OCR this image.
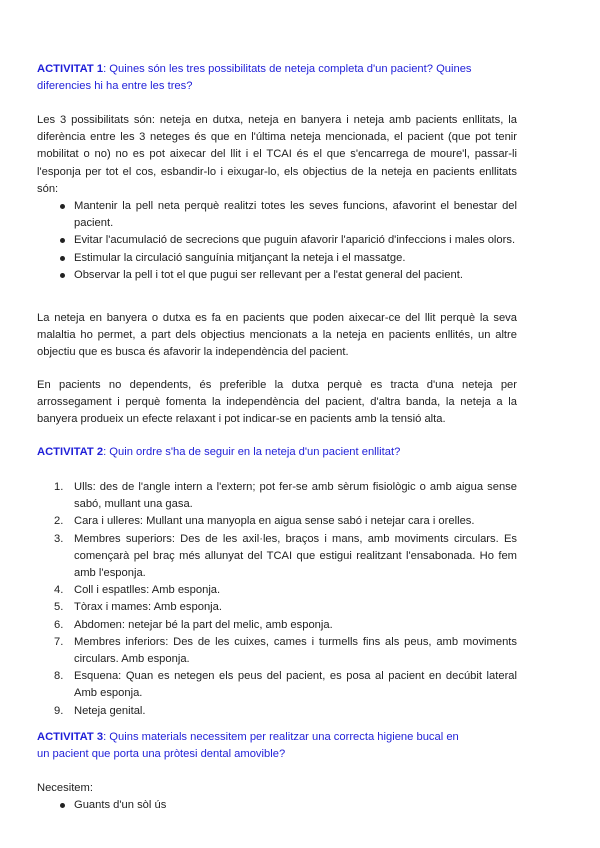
ACTIVITAT 1: Quines són les tres possibilitats de neteja completa d'un pacient? Quines
diferencies hi ha entre les tres?

Les 3 possibilitats són: neteja en dutxa, neteja en banyera i neteja amb pacients enllitats, la diferència entre les 3 neteges és que en l'última neteja mencionada, el pacient (que pot tenir mobilitat o no) no es pot aixecar del llit i el TCAI és el que s'encarrega de moure'l, passar-li l'esponja per tot el cos, esbandir-lo i eixugar-lo, els objectius de la neteja en pacients enllitats són:

Mantenir la pell neta perquè realitzi totes les seves funcions, afavorint el benestar del pacient.
Evitar l'acumulació de secrecions que puguin afavorir l'aparició d'infeccions i males olors.
Estimular la circulació sanguínia mitjançant la neteja i el massatge.
Observar la pell i tot el que pugui ser rellevant per a l'estat general del pacient.

La neteja en banyera o dutxa es fa en pacients que poden aixecar-ce del llit perquè la seva malaltia ho permet, a part dels objectius mencionats a la neteja en pacients enllités, un altre objectiu que es busca és afavorir la independència del pacient.

En pacients no dependents, és preferible la dutxa perquè es tracta d'una neteja per arrossegament i perquè fomenta la independència del pacient, d'altra banda, la neteja a la banyera produeix un efecte relaxant i pot indicar-se en pacients amb la tensió alta.

ACTIVITAT 2: Quin ordre s'ha de seguir en la neteja d'un pacient enllitat?
1. Ulls: des de l'angle intern a l'extern; pot fer-se amb sèrum fisiològic o amb aigua sense sabó, mullant una gasa.
2. Cara i ulleres: Mullant una manyopla en aigua sense sabó i netejar cara i orelles.
3. Membres superiors: Des de les axil·les, braços i mans, amb moviments circulars. Es començarà pel braç més allunyat del TCAI que estigui realitzant l'ensabonada. Ho fem amb l'esponja.
4. Coll i espatlles: Amb esponja.
5. Tòrax i mames: Amb esponja.
6. Abdomen: netejar bé la part del melic, amb esponja.
7. Membres inferiors: Des de les cuixes, cames i turmells fins als peus, amb moviments circulars. Amb esponja.
8. Esquena: Quan es netegen els peus del pacient, es posa al pacient en decúbit lateral Amb esponja.
9. Neteja genital.
ACTIVITAT 3: Quins materials necessitem per realitzar una correcta higiene bucal en
un pacient que porta una pròtesi dental amovible?

Necesitem:

Guants d'un sòl ús
